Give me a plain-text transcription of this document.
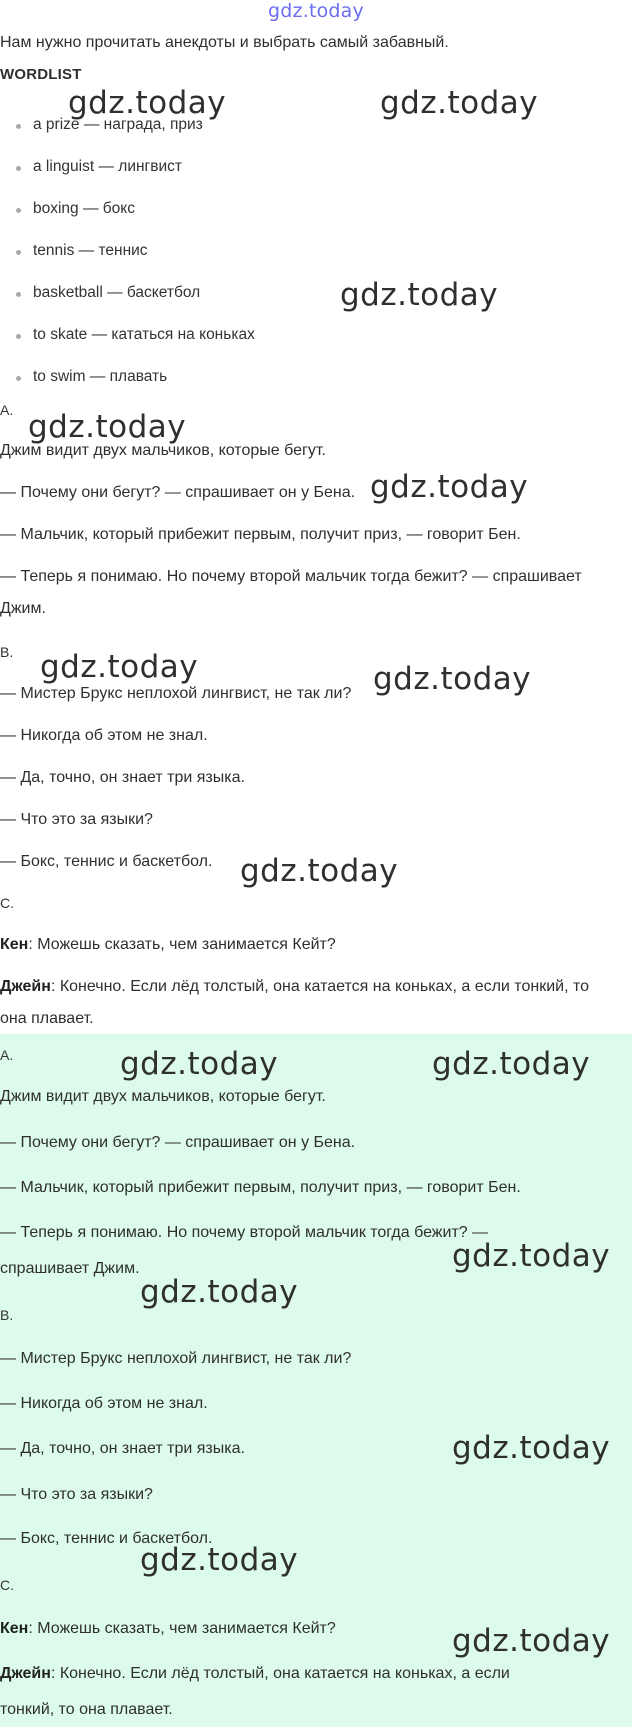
gdz.today
Нам нужно прочитать анекдоты и выбрать самый забавный.
WORDLIST
a prize — награда, приз
a linguist — лингвист
boxing — бокс
tennis — теннис
basketball — баскетбол
to skate — кататься на коньках
to swim — плавать
A.
Джим видит двух мальчиков, которые бегут.
— Почему они бегут? — спрашивает он у Бена.
— Мальчик, который прибежит первым, получит приз, — говорит Бен.
— Теперь я понимаю. Но почему второй мальчик тогда бежит? — спрашивает
Джим.
B.
— Мистер Брукс неплохой лингвист, не так ли?
— Никогда об этом не знал.
— Да, точно, он знает три языка.
— Что это за языки?
— Бокс, теннис и баскетбол.
C.
Кен: Можешь сказать, чем занимается Кейт?
Джейн: Конечно. Если лёд толстый, она катается на коньках, а если тонкий, то
она плавает.
A.
Джим видит двух мальчиков, которые бегут.
— Почему они бегут? — спрашивает он у Бена.
— Мальчик, который прибежит первым, получит приз, — говорит Бен.
— Теперь я понимаю. Но почему второй мальчик тогда бежит? —
спрашивает Джим.
B.
— Мистер Брукс неплохой лингвист, не так ли?
— Никогда об этом не знал.
— Да, точно, он знает три языка.
— Что это за языки?
— Бокс, теннис и баскетбол.
C.
Кен: Можешь сказать, чем занимается Кейт?
Джейн: Конечно. Если лёд толстый, она катается на коньках, а если
тонкий, то она плавает.
gdz.today	gdz.today
gdz.today
gdz.today
gdz.today
gdz.today	gdz.today
gdz.today
gdz.today	gdz.today
gdz.today
gdz.today
gdz.today
gdz.today
gdz.today
